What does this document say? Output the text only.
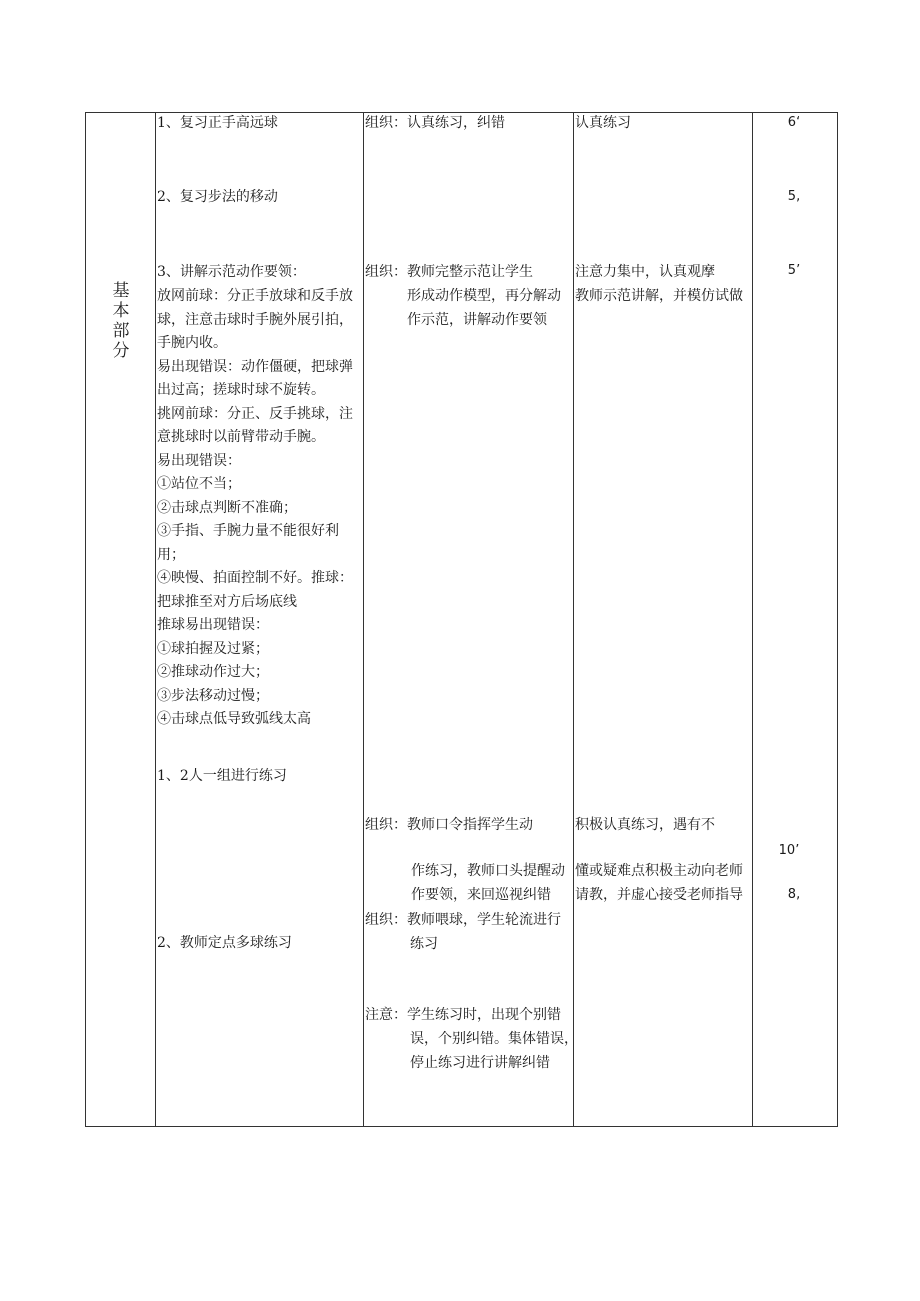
基
本
部
分
1、复习正手高远球
2、复习步法的移动
3、讲解示范动作要领：
放网前球：分正手放球和反手放
球，注意击球时手腕外展引拍，
手腕内收。
易出现错误：动作僵硬，把球弹
出过高；搓球时球不旋转。
挑网前球：分正、反手挑球，注
意挑球时以前臂带动手腕。
易出现错误：
①站位不当；
②击球点判断不准确；
③手指、手腕力量不能很好利
用；
④映慢、拍面控制不好。推球：
把球推至对方后场底线
推球易出现错误：
①球拍握及过紧；
②推球动作过大；
③步法移动过慢；
④击球点低导致弧线太高
1、2人一组进行练习
2、教师定点多球练习
组织：认真练习，纠错
组织：教师完整示范让学生
形成动作模型，再分解动
作示范，讲解动作要领
组织：教师口令指挥学生动
作练习，教师口头提醒动
作要领，来回巡视纠错
组织：教师喂球，学生轮流进行
练习
注意：学生练习时，出现个别错
误，个别纠错。集体错误，
停止练习进行讲解纠错
认真练习
注意力集中，认真观摩
教师示范讲解，并模仿试做
积极认真练习，遇有不
懂或疑难点积极主动向老师
请教，并虚心接受老师指导
6‘
5,
5’
10’
8,
